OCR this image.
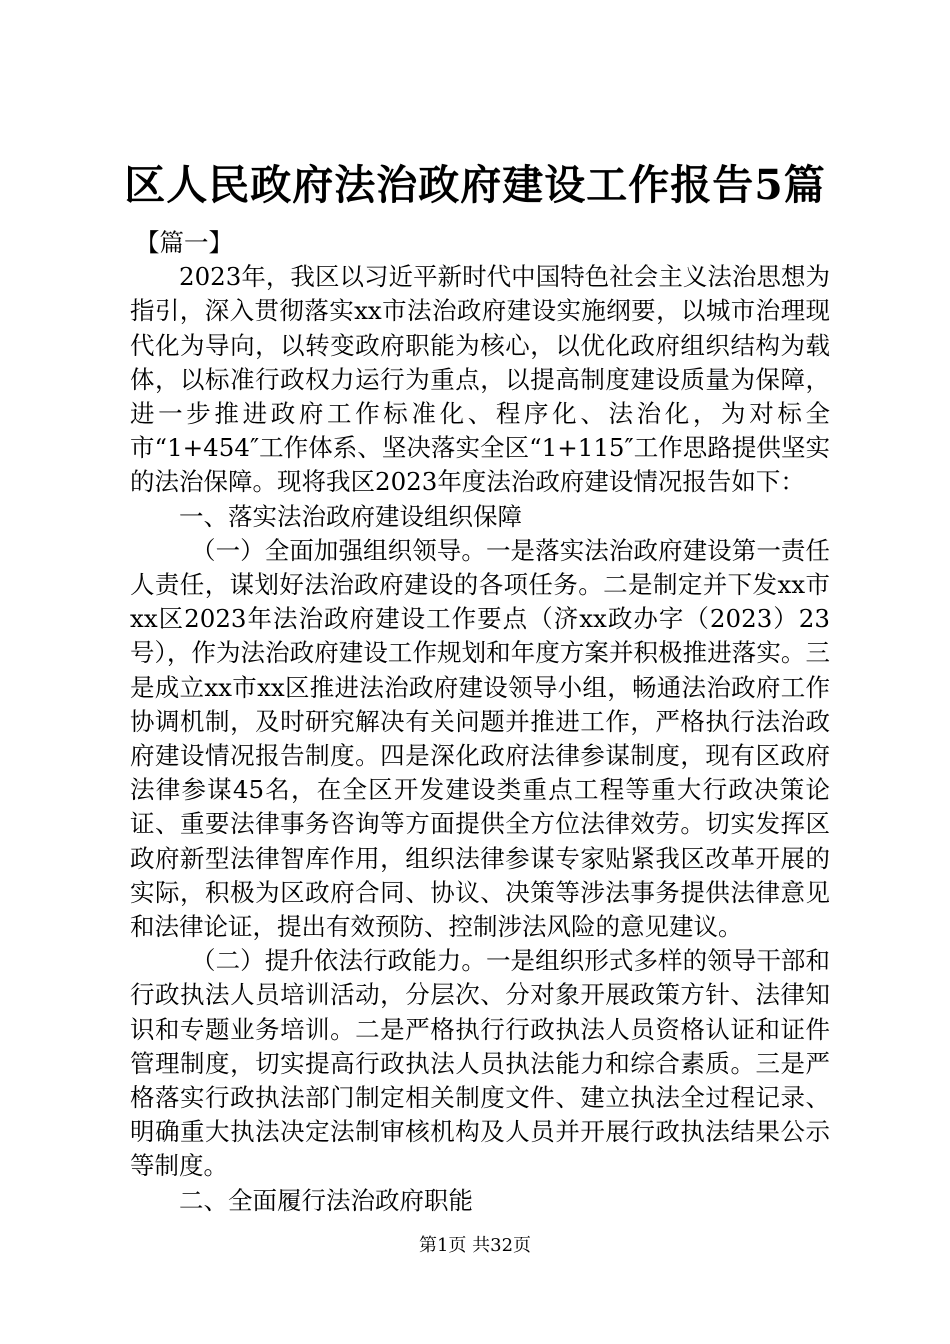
区人民政府法治政府建设工作报告5篇

【篇一】

2023年，我区以习近平新时代中国特色社会主义法治思想为指引，深入贯彻落实xx市法治政府建设实施纲要，以城市治理现代化为导向，以转变政府职能为核心，以优化政府组织结构为载体，以标准行政权力运行为重点，以提高制度建设质量为保障，进一步推进政府工作标准化、程序化、法治化，为对标全市“1+454″工作体系、坚决落实全区“1+115″工作思路提供坚实的法治保障。现将我区2023年度法治政府建设情况报告如下：

一、落实法治政府建设组织保障

（一）全面加强组织领导。一是落实法治政府建设第一责任人责任，谋划好法治政府建设的各项任务。二是制定并下发xx市xx区2023年法治政府建设工作要点（济xx政办字（2023）23号），作为法治政府建设工作规划和年度方案并积极推进落实。三是成立xx市xx区推进法治政府建设领导小组，畅通法治政府工作协调机制，及时研究解决有关问题并推进工作，严格执行法治政府建设情况报告制度。四是深化政府法律参谋制度，现有区政府法律参谋45名，在全区开发建设类重点工程等重大行政决策论证、重要法律事务咨询等方面提供全方位法律效劳。切实发挥区政府新型法律智库作用，组织法律参谋专家贴紧我区改革开展的实际，积极为区政府合同、协议、决策等涉法事务提供法律意见和法律论证，提出有效预防、控制涉法风险的意见建议。

（二）提升依法行政能力。一是组织形式多样的领导干部和行政执法人员培训活动，分层次、分对象开展政策方针、法律知识和专题业务培训。二是严格执行行政执法人员资格认证和证件管理制度，切实提高行政执法人员执法能力和综合素质。三是严格落实行政执法部门制定相关制度文件、建立执法全过程记录、明确重大执法决定法制审核机构及人员并开展行政执法结果公示等制度。

二、全面履行法治政府职能

第1页 共32页
